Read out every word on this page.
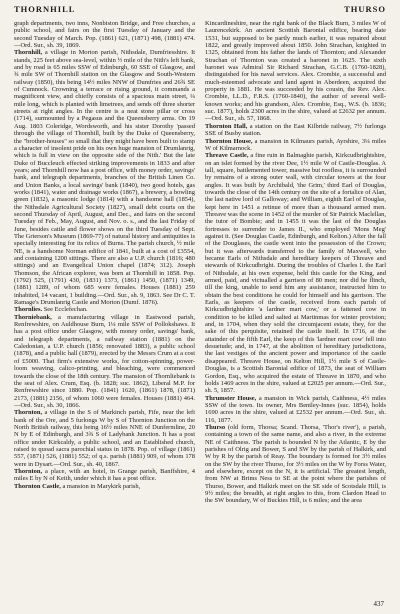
THORNHILL	THURSO

graph departments, two inns, Nonbiston Bridge, and Free churches, a public school, and fairs on the first Tuesday of January and the second Tuesday of March. Pop. (1861) 621, (1871) 498, (1881) 474.—Ord. Sur., sh. 39, 1869.

Thornhill, a village in Morton parish, Nithsdale, Dumfriesshire. It stands, 225 feet above sea-level, within ½ mile of the Nith's left bank, and by road is 65 miles SSW of Edinburgh, 60 SSE of Glasgow, and ¾ mile SW of Thornhill station on the Glasgow and South-Western railway (1850), this being 14½ miles NNW of Dumfries and 26¾ SE of Cumnock. Crowning a terrace or rising ground, it commands a magnificent view, and chiefly consists of a spacious main street, ¼ mile long, which is planted with limetrees, and sends off three shorter streets at right angles. In the centre is a neat stone pillar or cross (1714), surmounted by a Pegasus and the Queensberry arms. On 19 Aug. 1803 Coleridge, Wordsworth, and his sister Dorothy 'passed through the village of Thornhill, built by the Duke of Queensberry, the "brother-houses" so small that they might have been built to stamp a character of insolent pride on his own huge mansion of Drumlanrig, which is full in view on the opposite side of the Nith.' But the late Duke of Buccleuch effected striking improvements in 1833 and after years; and Thornhill now has a post office, with money order, savings' bank, and telegraph departments, branches of the British Linen Co. and Union Banks, a local savings' bank (1840), two good hotels, gas works (1841), water and drainage works (1867), a brewery, a bowling green (1832), a masonic lodge (1814) with a handsome hall (1854), the Nithsdale Agricultural Society (1827), small debt courts on the second Thursday of April, August, and Dec., and fairs on the second Tuesday of Feb., May, August, and Nov. o. s., and the last Friday of June, besides cattle and flower shows on the third Tuesday of Sept. The Grierson's Museum (1869-77) of natural history and antiquities is specially interesting for its relics of Burns. The parish church, ½ mile NE, is a handsome Norman edifice of 1841, built at a cost of £3554, and containing 1200 sittings. There are also a U.P. church (1816; 480 sittings) and an Evangelical Union chapel (1874; 312). Joseph Thomson, the African explorer, was born at Thornhill in 1858. Pop. (1792) 525, (1791) 430, (1831) 1373, (1861) 1450, (1871) 1349, (1881) 1289, of whom 685 were females. Houses (1881) 259 inhabited, 14 vacant, 1 building.—Ord. Sur., sh. 9, 1863. See Dr C. T. Ramage's Drumlanrig Castle and Morton (Dumf. 1876).

Thornlies. See Ecclefechan.

Thorniebank, a manufacturing village in Eastwood parish, Renfrewshire, on Auldhouse Burn, 1¼ mile SSW of Pollokshaws. It has a post office under Glasgow, with money order, savings' bank, and telegraph departments, a railway station (1881) on the Caledonian, a U.P. church (1856; renovated 1883), a public school (1878), and a public hall (1879), erected by the Messrs Crum at a cost of £5000. That firm's extensive works, for cotton-spinning, power-loom weaving, calico-printing, and bleaching, were commenced towards the close of the 18th century. The mansion of Thornliebank is the seat of Alex. Crum, Esq. (b. 1828; suc. 1862), Liberal M.P. for Renfrewshire since 1880. Pop. (1841) 1620, (1861) 1878, (1871) 2173, (1881) 2156, of whom 1060 were females. Houses (1881) 464.—Ord. Sur., sh. 30, 1866.

Thornton, a village in the S of Markinch parish, Fife, near the left bank of the Ore, and 5 furlongs W by S of Thornton Junction on the North British railway, this being 16½ miles NNE of Dunfermline, 20 N by E of Edinburgh, and 3¾ S of Ladybank Junction. It has a post office under Kirkcaldy, a public school, and an Established church, raised to quoad sacra parochial status in 1878. Pop. of village (1861) 557, (1871) 526, (1881) 552; of q.s. parish (1881) 909, of whom 178 were in Dysart.—Ord. Sur., sh. 40, 1867.

Thornton, a place, with an hotel, in Grange parish, Banffshire, 4 miles E by N of Keith, under which it has a post office.

Thornton Castle, a mansion in Marykirk parish,

Kincardineshire, near the right bank of the Black Burn, 3 miles W of Laurencekirk. An ancient Scottish Baronial edifice, bearing date 1531, but supposed to be partly much earlier, it was repaired about 1822, and greatly improved about 1850. John Strachan, knighted in 1325, obtained from his father the lands of Thornton; and Alexander Strachan of Thornton was created a baronet in 1625. The sixth baronet was Admiral Sir Richard Strachan, G.C.B. (1760-1828), distinguished for his naval services. Alex. Crombie, a successful and much-esteemed advocate and land agent in Aberdeen, acquired the property in 1881. He was succeeded by his cousin, the Rev. Alex. Crombie, LL.D., F.R.S. (1760-1840), the author of several well-known works; and his grandson, Alex. Crombie, Esq., W.S. (b. 1836; suc. 1877), holds 2300 acres in the shire, valued at £2632 per annum.—Ord. Sur., sh. 57, 1868.

Thornton Hall, a station on the East Kilbride railway, 7½ furlongs SSE of Busby station.

Thornton House, a mansion in Kilmaurs parish, Ayrshire, 3¼ miles W of Kilmarnock.

Threave Castle, a fine ruin in Balmaghie parish, Kirkcudbrightshire, on an islet formed by the river Dee, 1½ mile W of Castle-Douglas. A tall, square, battlemented tower, massive but roofless, it is surrounded by remains of a strong outer wall, with circular towers at the four angles. It was built by Archibald, 'the Grim,' third Earl of Douglas, towards the close of the 14th century on the site of a fortalice of Alan, the last native lord of Galloway; and William, eighth Earl of Douglas, kept here in 1451 a retinue of more than a thousand armed men. Threave was the scene in 1452 of the murder of Sir Patrick Maclellan, the tutor of Bombie; and in 1455 it was the last of the Douglas fortresses to surrender to James II., who employed 'Mons Meg' against it. (See Douglas Castle, Edinburgh, and Kelton.) After the fall of the Douglases, the castle went into the possession of the Crown; but it was afterwards transferred to the family of Maxwell, who became Earls of Nithsdale and hereditary keepers of Threave and stewards of Kirkcudbright. During the troubles of Charles I. the Earl of Nithsdale, at his own expense, held this castle for the King, and armed, paid, and victualled a garrison of 80 men; nor did he flinch, till the king, unable to send him any assistance, instructed him to obtain the best conditions he could for himself and his garrison. The Earls, as keepers of the castle, received from each parish of Kirkcudbrightshire 'a lardner mart cow,' or a fattened cow in condition to be killed and salted at Martinmas for winter provision; and, in 1704, when they sold the circumjacent estate, they, for the sake of this perquisite, retained the castle itself. In 1716, at the attainder of the fifth Earl, the keep of this 'lardner mart cow' fell into desuetude; and, in 1747, at the abolition of hereditary jurisdictions, the last vestiges of the ancient power and importance of the castle disappeared. Threave House, on Kelton Hill, 1½ mile S of Castle-Douglas, is a Scottish Baronial edifice of 1873, the seat of William Gordon, Esq., who acquired the estate of Threave in 1870, and who holds 1469 acres in the shire, valued at £2025 per annum.—Ord. Sur., sh. 5, 1857.

Thrumster House, a mansion in Wick parish, Caithness, 4½ miles SSW of the town. Its owner, Mrs Bentley-Innes (suc. 1854), holds 1690 acres in the shire, valued at £2532 per annum.—Ord. Sur., sh. 116, 1877.

Thurso (old form, Thorsa; Scand. Thorsa, 'Thor's river'), a parish, containing a town of the same name, and also a river, in the extreme NE of Caithness. The parish is bounded N by the Atlantic, E by the parishes of Olrig and Bower, S and SW by the parish of Halkirk, and W by R by the parish of Reay. The boundary is formed for 3½ miles on the SW by the river Thurso, for 3½ miles on the W by Forss Water, and elsewhere, except on the N, it is artificial. The greatest length, from NW at Brims Ness to SE at the point where the parishes of Thurso, Bower, and Halkirk meet on the SE side of Scotsdale Hill, is 9½ miles; the breadth, at right angles to this, from Clardon Head to the SW boundary, W of Buckies Hill, is 6 miles; and the area

437
